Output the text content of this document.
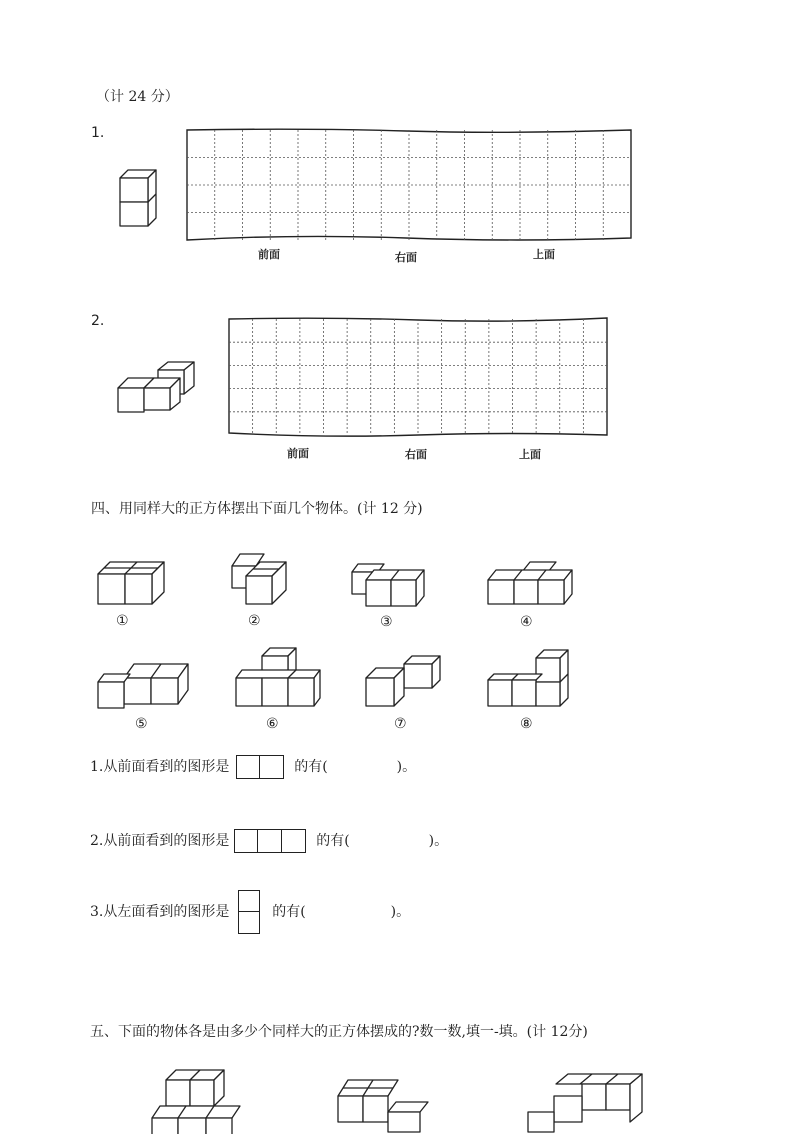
（计 24 分）
1.
前面	右面	上面
2.
前面	右面	上面
四、用同样大的正方体摆出下面几个物体。(计 12 分)
①	②	③	④
⑤	⑥	⑦	⑧
1.从前面看到的图形是	的有(	)。
2.从前面看到的图形是	的有(	)。
3.从左面看到的图形是	的有(	)。
五、下面的物体各是由多少个同样大的正方体摆成的?数一数,填一-填。(计 12分)
